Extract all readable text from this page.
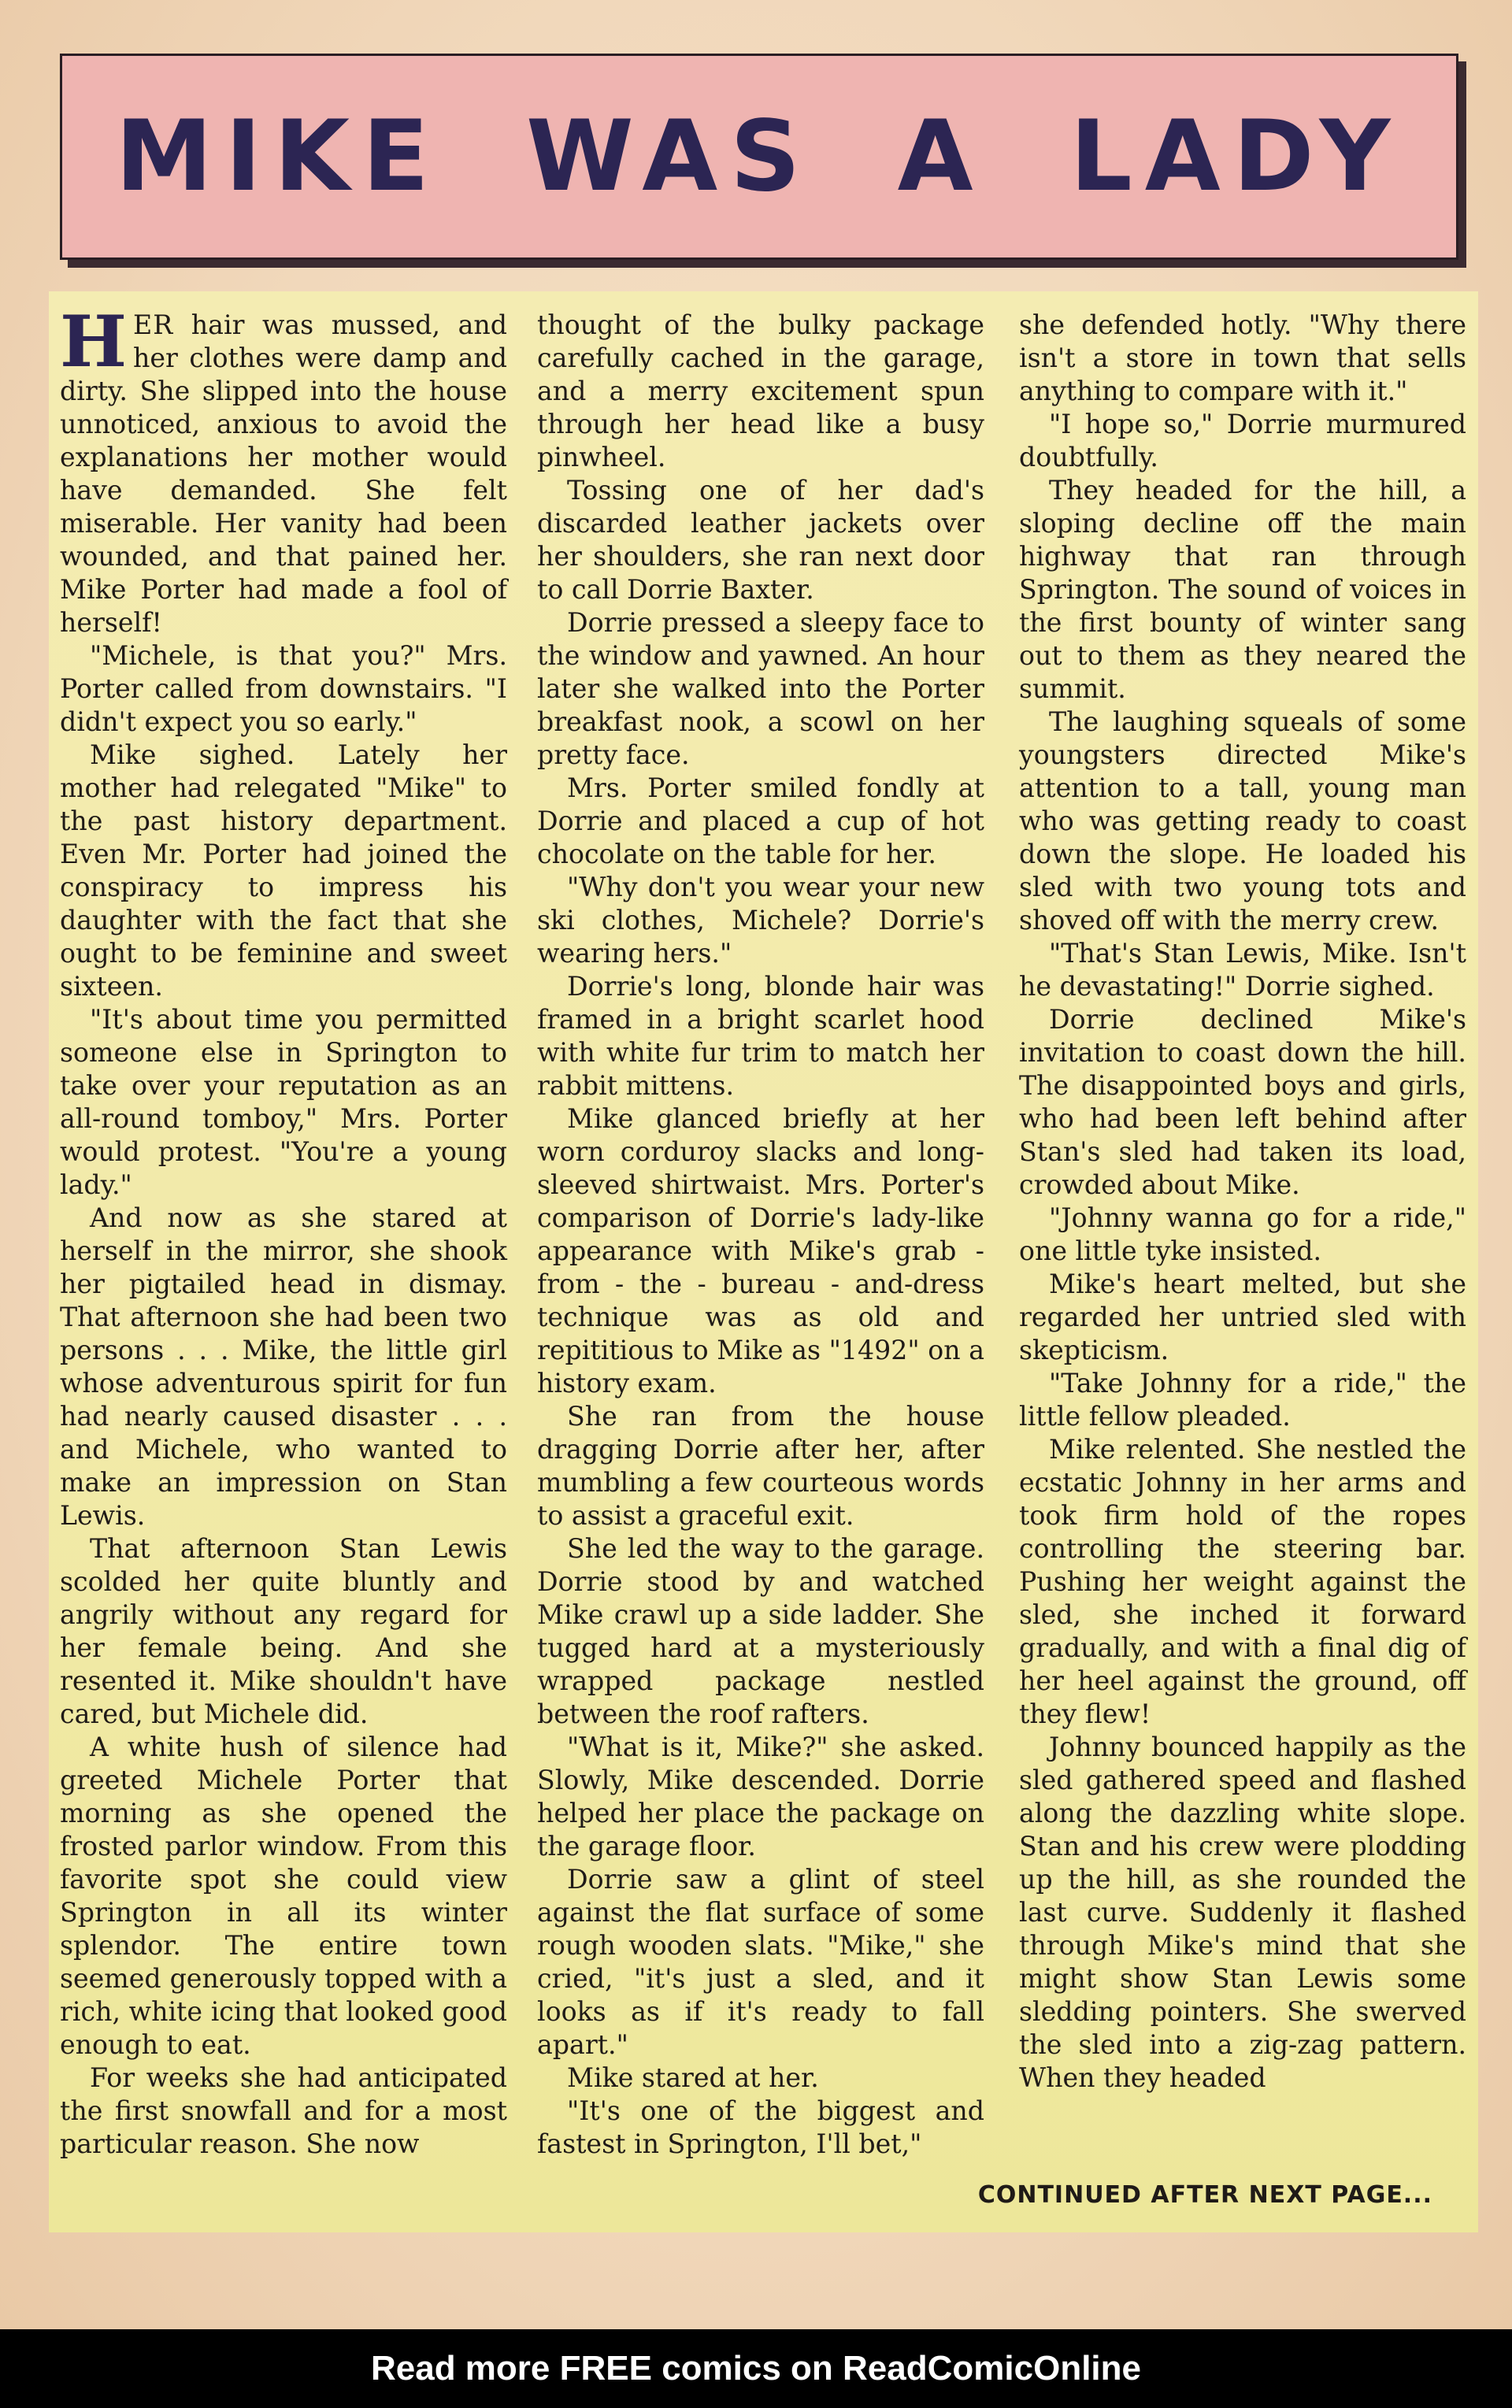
MIKE WAS A LADY

HER hair was mussed, and her clothes were damp and dirty. She slipped into the house unnoticed, anxious to avoid the explanations her mother would have demanded. She felt miserable. Her vanity had been wounded, and that pained her. Mike Porter had made a fool of herself!

"Michele, is that you?" Mrs. Porter called from downstairs. "I didn't expect you so early."

Mike sighed. Lately her mother had relegated "Mike" to the past history department. Even Mr. Porter had joined the conspiracy to impress his daughter with the fact that she ought to be feminine and sweet sixteen.

"It's about time you permitted someone else in Springton to take over your reputation as an all-round tomboy," Mrs. Porter would protest. "You're a young lady."

And now as she stared at herself in the mirror, she shook her pigtailed head in dismay. That afternoon she had been two persons . . . Mike, the little girl whose adventurous spirit for fun had nearly caused disaster . . . and Michele, who wanted to make an impression on Stan Lewis.

That afternoon Stan Lewis scolded her quite bluntly and angrily without any regard for her female being. And she resented it. Mike shouldn't have cared, but Michele did.

A white hush of silence had greeted Michele Porter that morning as she opened the frosted parlor window. From this favorite spot she could view Springton in all its winter splendor. The entire town seemed generously topped with a rich, white icing that looked good enough to eat.

For weeks she had anticipated the first snowfall and for a most particular reason. She now

thought of the bulky package carefully cached in the garage, and a merry excitement spun through her head like a busy pinwheel.

Tossing one of her dad's discarded leather jackets over her shoulders, she ran next door to call Dorrie Baxter.

Dorrie pressed a sleepy face to the window and yawned. An hour later she walked into the Porter breakfast nook, a scowl on her pretty face.

Mrs. Porter smiled fondly at Dorrie and placed a cup of hot chocolate on the table for her.

"Why don't you wear your new ski clothes, Michele? Dorrie's wearing hers."

Dorrie's long, blonde hair was framed in a bright scarlet hood with white fur trim to match her rabbit mittens.

Mike glanced briefly at her worn corduroy slacks and long-sleeved shirtwaist. Mrs. Porter's comparison of Dorrie's lady-like appearance with Mike's grab - from - the - bureau - and-dress technique was as old and repititious to Mike as "1492" on a history exam.

She ran from the house dragging Dorrie after her, after mumbling a few courteous words to assist a graceful exit.

She led the way to the garage. Dorrie stood by and watched Mike crawl up a side ladder. She tugged hard at a mysteriously wrapped package nestled between the roof rafters.

"What is it, Mike?" she asked. Slowly, Mike descended. Dorrie helped her place the package on the garage floor.

Dorrie saw a glint of steel against the flat surface of some rough wooden slats. "Mike," she cried, "it's just a sled, and it looks as if it's ready to fall apart."

Mike stared at her.

"It's one of the biggest and fastest in Springton, I'll bet,"

she defended hotly. "Why there isn't a store in town that sells anything to compare with it."

"I hope so," Dorrie murmured doubtfully.

They headed for the hill, a sloping decline off the main highway that ran through Springton. The sound of voices in the first bounty of winter sang out to them as they neared the summit.

The laughing squeals of some youngsters directed Mike's attention to a tall, young man who was getting ready to coast down the slope. He loaded his sled with two young tots and shoved off with the merry crew.

"That's Stan Lewis, Mike. Isn't he devastating!" Dorrie sighed.

Dorrie declined Mike's invitation to coast down the hill. The disappointed boys and girls, who had been left behind after Stan's sled had taken its load, crowded about Mike.

"Johnny wanna go for a ride," one little tyke insisted.

Mike's heart melted, but she regarded her untried sled with skepticism.

"Take Johnny for a ride," the little fellow pleaded.

Mike relented. She nestled the ecstatic Johnny in her arms and took firm hold of the ropes controlling the steering bar. Pushing her weight against the sled, she inched it forward gradually, and with a final dig of her heel against the ground, off they flew!

Johnny bounced happily as the sled gathered speed and flashed along the dazzling white slope. Stan and his crew were plodding up the hill, as she rounded the last curve. Suddenly it flashed through Mike's mind that she might show Stan Lewis some sledding pointers. She swerved the sled into a zig-zag pattern. When they headed

CONTINUED AFTER NEXT PAGE...
Read more FREE comics on ReadComicOnline
